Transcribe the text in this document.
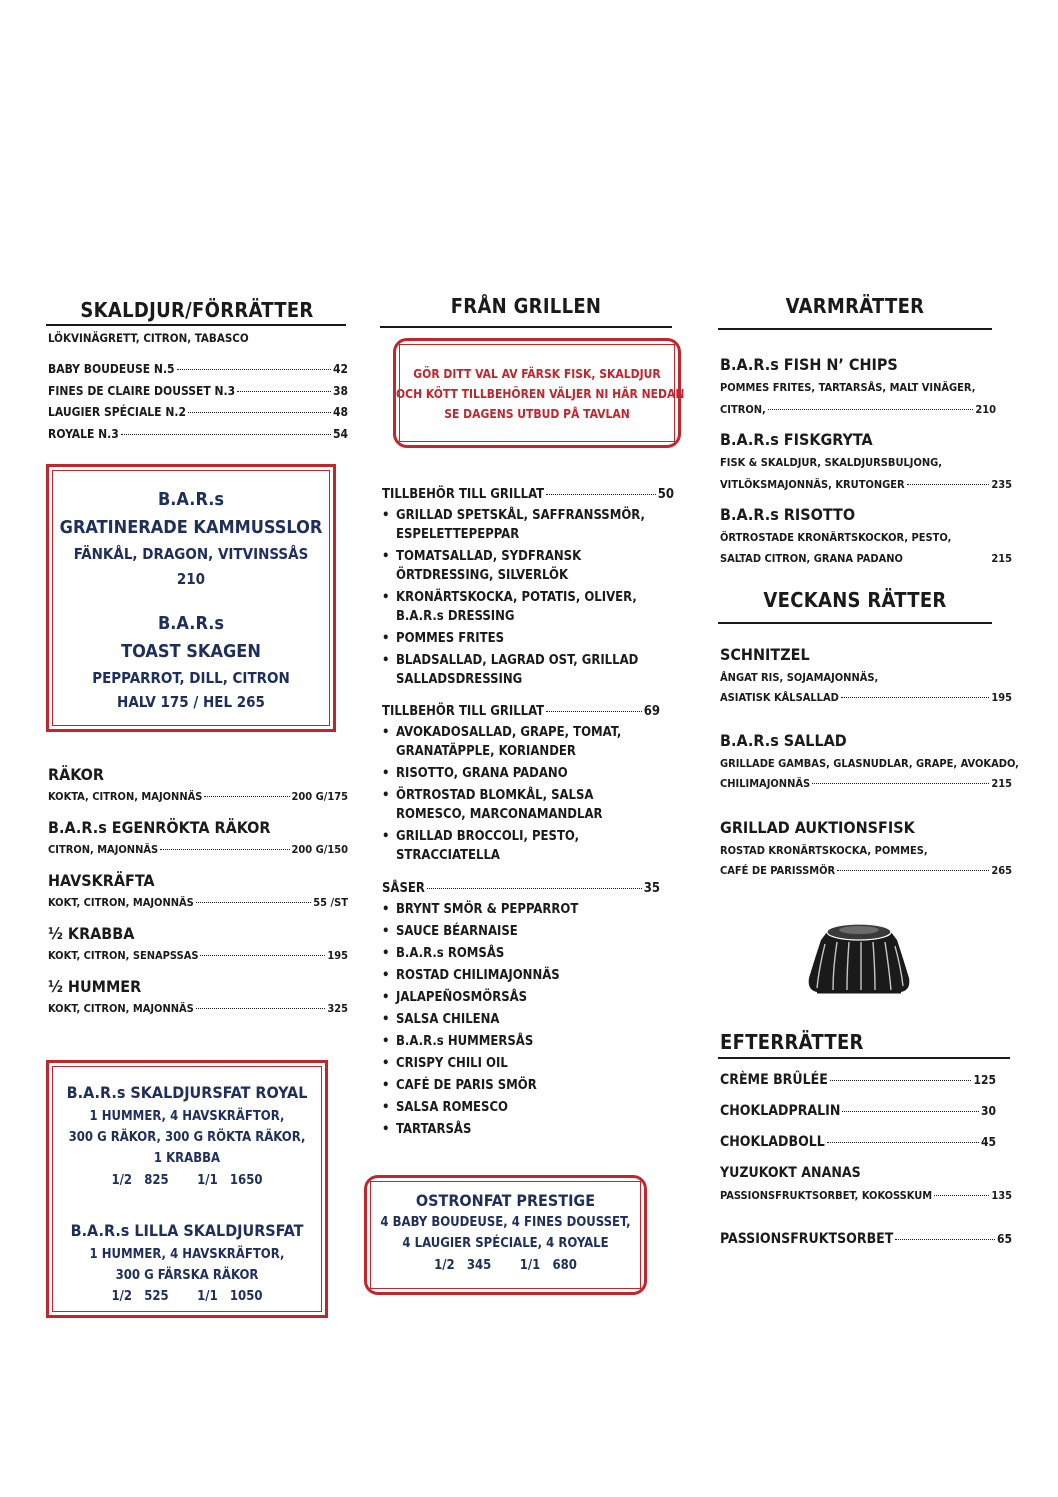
SKALDJUR/FÖRRÄTTER
LÖKVINÄGRETT, CITRON, TABASCO
BABY BOUDEUSE N.5	42
FINES DE CLAIRE DOUSSET N.3	38
LAUGIER SPÉCIALE N.2	48
ROYALE N.3	54
B.A.R.s
GRATINERADE KAMMUSSLOR
FÄNKÅL, DRAGON, VITVINSSÅS
210
B.A.R.s
TOAST SKAGEN
PEPPARROT, DILL, CITRON
HALV 175 / HEL 265
RÄKOR
KOKTA, CITRON, MAJONNÄS	200 G/175
B.A.R.s EGENRÖKTA RÄKOR
CITRON, MAJONNÄS	200 G/150
HAVSKRÄFTA
KOKT, CITRON, MAJONNÄS	55 /ST
½ KRABBA
KOKT, CITRON, SENAPSSAS	195
½ HUMMER
KOKT, CITRON, MAJONNÄS	325
B.A.R.s SKALDJURSFAT ROYAL
1 HUMMER, 4 HAVSKRÄFTOR,
300 G RÄKOR, 300 G RÖKTA RÄKOR,
1 KRABBA
1/2   825       1/1   1650
B.A.R.s LILLA SKALDJURSFAT
1 HUMMER, 4 HAVSKRÄFTOR,
300 G FÄRSKA RÄKOR
1/2   525       1/1   1050
FRÅN GRILLEN
GÖR DITT VAL AV FÄRSK FISK, SKALDJUR
OCH KÖTT TILLBEHÖREN VÄLJER NI HÄR NEDAN
SE DAGENS UTBUD PÅ TAVLAN
TILLBEHÖR TILL GRILLAT	50
• GRILLAD SPETSKÅL, SAFFRANSSMÖR, ESPELETTEPEPPAR
• TOMATSALLAD, SYDFRANSK ÖRTDRESSING, SILVERLÖK
• KRONÄRTSKOCKA, POTATIS, OLIVER, B.A.R.s DRESSING
• POMMES FRITES
• BLADSALLAD, LAGRAD OST, GRILLAD SALLADSDRESSING
TILLBEHÖR TILL GRILLAT	69
• AVOKADOSALLAD, GRAPE, TOMAT, GRANATÄPPLE, KORIANDER
• RISOTTO, GRANA PADANO
• ÖRTROSTAD BLOMKÅL, SALSA ROMESCO, MARCONAMANDLAR
• GRILLAD BROCCOLI, PESTO, STRACCIATELLA
SÅSER	35
• BRYNT SMÖR & PEPPARROT
• SAUCE BÉARNAISE
• B.A.R.s ROMSÅS
• ROSTAD CHILIMAJONNÄS
• JALAPEÑOSMÖRSÅS
• SALSA CHILENA
• B.A.R.s HUMMERSÅS
• CRISPY CHILI OIL
• CAFÉ DE PARIS SMÖR
• SALSA ROMESCO
• TARTARSÅS
OSTRONFAT PRESTIGE
4 BABY BOUDEUSE, 4 FINES DOUSSET,
4 LAUGIER SPÉCIALE, 4 ROYALE
1/2   345       1/1   680
VARMRÄTTER
B.A.R.s FISH N’ CHIPS
POMMES FRITES, TARTARSÅS, MALT VINÄGER,
CITRON,	210
B.A.R.s FISKGRYTA
FISK & SKALDJUR, SKALDJURSBULJONG,
VITLÖKSMAJONNÄS, KRUTONGER	235
B.A.R.s RISOTTO
ÖRTROSTADE KRONÄRTSKOCKOR, PESTO,
SALTAD CITRON, GRANA PADANO	215
VECKANS RÄTTER
SCHNITZEL
ÅNGAT RIS, SOJAMAJONNÄS,
ASIATISK KÅLSALLAD	195
B.A.R.s SALLAD
GRILLADE GAMBAS, GLASNUDLAR, GRAPE, AVOKADO,
CHILIMAJONNÄS	215
GRILLAD AUKTIONSFISK
ROSTAD KRONÄRTSKOCKA, POMMES,
CAFÉ DE PARISSMÖR	265
EFTERRÄTTER
CRÈME BRÛLÉE	125
CHOKLADPRALIN	30
CHOKLADBOLL	45
YUZUKOKT ANANAS
PASSIONSFRUKTSORBET, KOKOSSKUM	135
PASSIONSFRUKTSORBET	65
